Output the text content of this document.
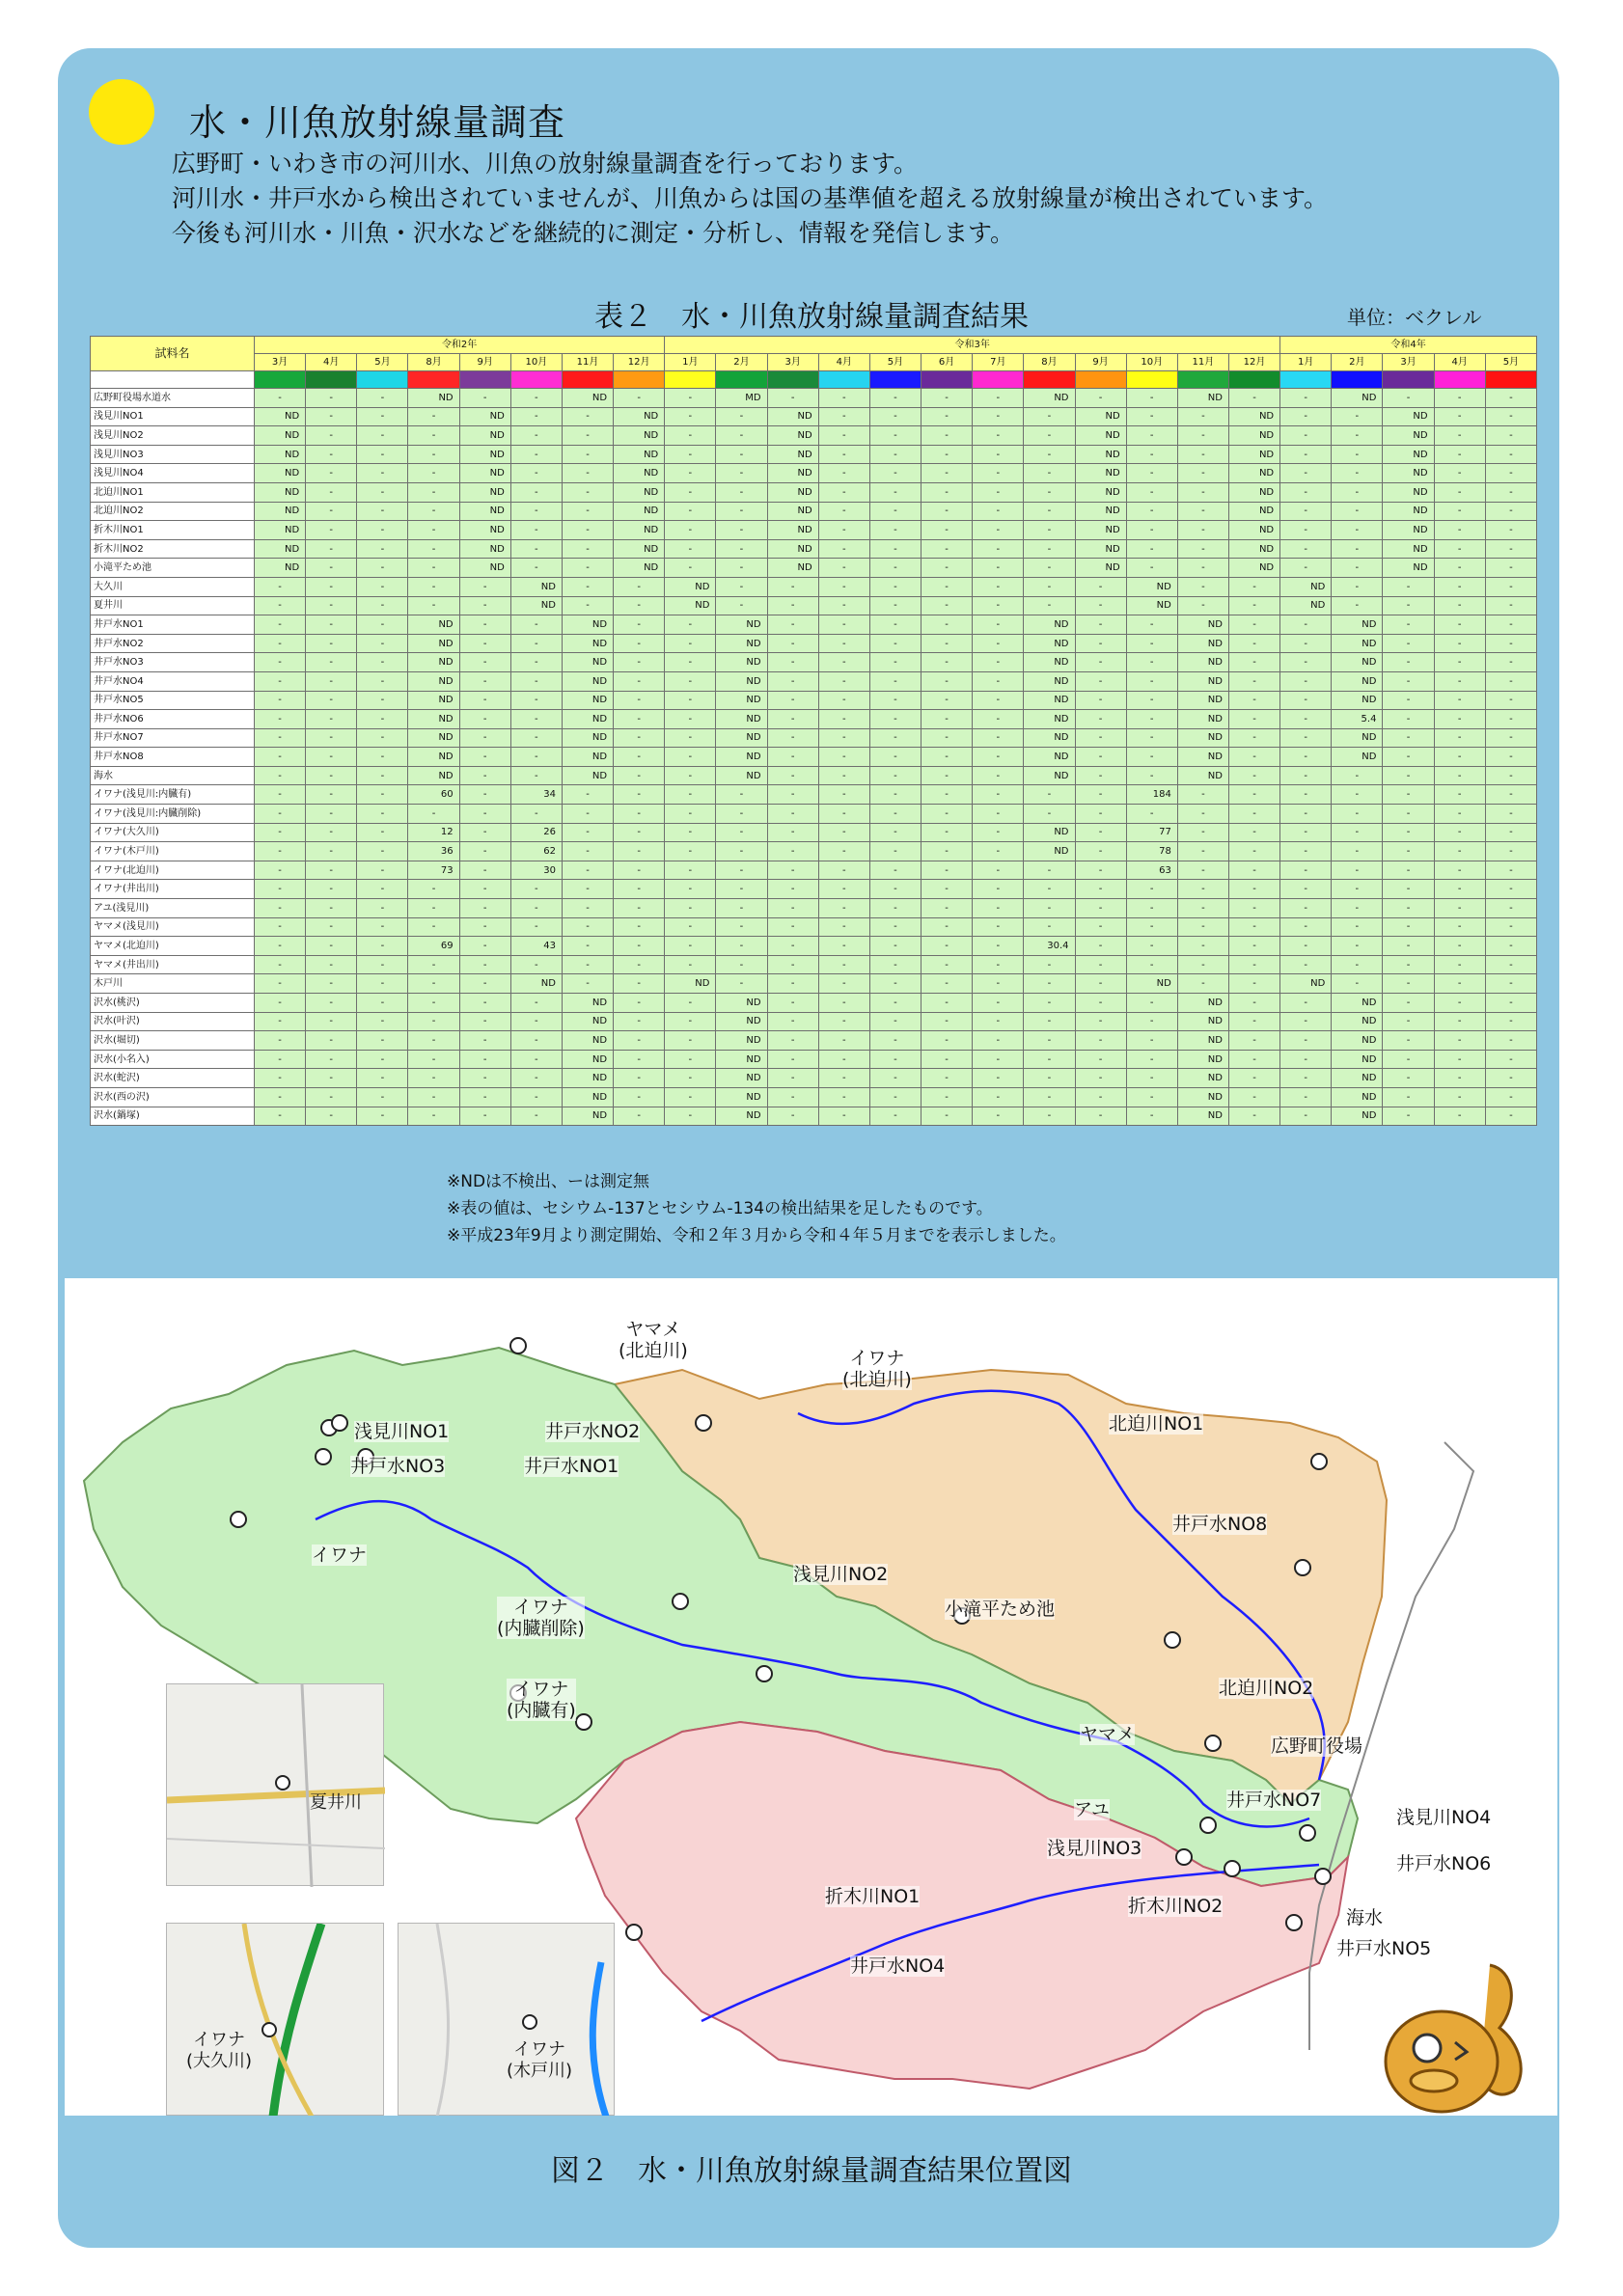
水・川魚放射線量調査

広野町・いわき市の河川水、川魚の放射線量調査を行っております。

河川水・井戸水から検出されていませんが、川魚からは国の基準値を超える放射線量が検出されています。

今後も河川水・川魚・沢水などを継続的に測定・分析し、情報を発信します。

表２　水・川魚放射線量調査結果	単位：ベクレル
試料名	令和2年								令和3年												令和4年				
	3月	4月	5月	8月	9月	10月	11月	12月	1月	2月	3月	4月	5月	6月	7月	8月	9月	10月	11月	12月	1月	2月	3月	4月	5月

広野町役場水道水	-	-	-	ND	-	-	ND	-	-	MD	-	-	-	-	-	ND	-	-	ND	-	-	ND	-	-	-
浅見川NO1	ND	-	-	-	ND	-	-	ND	-	-	ND	-	-	-	-	-	ND	-	-	ND	-	-	ND	-	-
浅見川NO2	ND	-	-	-	ND	-	-	ND	-	-	ND	-	-	-	-	-	ND	-	-	ND	-	-	ND	-	-
浅見川NO3	ND	-	-	-	ND	-	-	ND	-	-	ND	-	-	-	-	-	ND	-	-	ND	-	-	ND	-	-
浅見川NO4	ND	-	-	-	ND	-	-	ND	-	-	ND	-	-	-	-	-	ND	-	-	ND	-	-	ND	-	-
北迫川NO1	ND	-	-	-	ND	-	-	ND	-	-	ND	-	-	-	-	-	ND	-	-	ND	-	-	ND	-	-
北迫川NO2	ND	-	-	-	ND	-	-	ND	-	-	ND	-	-	-	-	-	ND	-	-	ND	-	-	ND	-	-
折木川NO1	ND	-	-	-	ND	-	-	ND	-	-	ND	-	-	-	-	-	ND	-	-	ND	-	-	ND	-	-
折木川NO2	ND	-	-	-	ND	-	-	ND	-	-	ND	-	-	-	-	-	ND	-	-	ND	-	-	ND	-	-
小滝平ため池	ND	-	-	-	ND	-	-	ND	-	-	ND	-	-	-	-	-	ND	-	-	ND	-	-	ND	-	-
大久川	-	-	-	-	-	ND	-	-	ND	-	-	-	-	-	-	-	-	ND	-	-	ND	-	-	-	-
夏井川	-	-	-	-	-	ND	-	-	ND	-	-	-	-	-	-	-	-	ND	-	-	ND	-	-	-	-
井戸水NO1	-	-	-	ND	-	-	ND	-	-	ND	-	-	-	-	-	ND	-	-	ND	-	-	ND	-	-	-
井戸水NO2	-	-	-	ND	-	-	ND	-	-	ND	-	-	-	-	-	ND	-	-	ND	-	-	ND	-	-	-
井戸水NO3	-	-	-	ND	-	-	ND	-	-	ND	-	-	-	-	-	ND	-	-	ND	-	-	ND	-	-	-
井戸水NO4	-	-	-	ND	-	-	ND	-	-	ND	-	-	-	-	-	ND	-	-	ND	-	-	ND	-	-	-
井戸水NO5	-	-	-	ND	-	-	ND	-	-	ND	-	-	-	-	-	ND	-	-	ND	-	-	ND	-	-	-
井戸水NO6	-	-	-	ND	-	-	ND	-	-	ND	-	-	-	-	-	ND	-	-	ND	-	-	5.4	-	-	-
井戸水NO7	-	-	-	ND	-	-	ND	-	-	ND	-	-	-	-	-	ND	-	-	ND	-	-	ND	-	-	-
井戸水NO8	-	-	-	ND	-	-	ND	-	-	ND	-	-	-	-	-	ND	-	-	ND	-	-	ND	-	-	-
海水	-	-	-	ND	-	-	ND	-	-	ND	-	-	-	-	-	ND	-	-	ND	-	-	-	-	-	-
イワナ(浅見川:内臓有)	-	-	-	60	-	34	-	-	-	-	-	-	-	-	-	-	-	184	-	-	-	-	-	-	-
イワナ(浅見川:内臓削除)	-	-	-	-	-	-	-	-	-	-	-	-	-	-	-	-	-	-	-	-	-	-	-	-	-
イワナ(大久川)	-	-	-	12	-	26	-	-	-	-	-	-	-	-	-	ND	-	77	-	-	-	-	-	-	-
イワナ(木戸川)	-	-	-	36	-	62	-	-	-	-	-	-	-	-	-	ND	-	78	-	-	-	-	-	-	-
イワナ(北迫川)	-	-	-	73	-	30	-	-	-	-	-	-	-	-	-	-	-	63	-	-	-	-	-	-	-
イワナ(井出川)	-	-	-	-	-	-	-	-	-	-	-	-	-	-	-	-	-	-	-	-	-	-	-	-	-
アユ(浅見川)	-	-	-	-	-	-	-	-	-	-	-	-	-	-	-	-	-	-	-	-	-	-	-	-	-
ヤマメ(浅見川)	-	-	-	-	-	-	-	-	-	-	-	-	-	-	-	-	-	-	-	-	-	-	-	-	-
ヤマメ(北迫川)	-	-	-	69	-	43	-	-	-	-	-	-	-	-	-	30.4	-	-	-	-	-	-	-	-	-
ヤマメ(井出川)	-	-	-	-	-	-	-	-	-	-	-	-	-	-	-	-	-	-	-	-	-	-	-	-	-
木戸川	-	-	-	-	-	ND	-	-	ND	-	-	-	-	-	-	-	-	ND	-	-	ND	-	-	-	-
沢水(桃沢)	-	-	-	-	-	-	ND	-	-	ND	-	-	-	-	-	-	-	-	ND	-	-	ND	-	-	-
沢水(叶沢)	-	-	-	-	-	-	ND	-	-	ND	-	-	-	-	-	-	-	-	ND	-	-	ND	-	-	-
沢水(堀切)	-	-	-	-	-	-	ND	-	-	ND	-	-	-	-	-	-	-	-	ND	-	-	ND	-	-	-
沢水(小名入)	-	-	-	-	-	-	ND	-	-	ND	-	-	-	-	-	-	-	-	ND	-	-	ND	-	-	-
沢水(蛇沢)	-	-	-	-	-	-	ND	-	-	ND	-	-	-	-	-	-	-	-	ND	-	-	ND	-	-	-
沢水(西の沢)	-	-	-	-	-	-	ND	-	-	ND	-	-	-	-	-	-	-	-	ND	-	-	ND	-	-	-
沢水(鍋塚)	-	-	-	-	-	-	ND	-	-	ND	-	-	-	-	-	-	-	-	ND	-	-	ND	-	-	-

※NDは不検出、ーは測定無

※表の値は、セシウム-137とセシウム-134の検出結果を足したものです。

※平成23年9月より測定開始、令和２年３月から令和４年５月までを表示しました。

ヤマメ
(北迫川)	イワナ
(北迫川)
浅見川NO1	井戸水NO2
井戸水NO3	井戸水NO1
北迫川NO1
井戸水NO8
イワナ
イワナ
(内臓削除)
イワナ
(内臓有)
浅見川NO2
小滝平ため池
北迫川NO2
広野町役場
ヤマメ
アユ	井戸水NO7
浅見川NO4
浅見川NO3
井戸水NO6
折木川NO1	折木川NO2
海水
井戸水NO5
井戸水NO4
夏井川
イワナ
(大久川)
イワナ
(木戸川)
図２　水・川魚放射線量調査結果位置図
